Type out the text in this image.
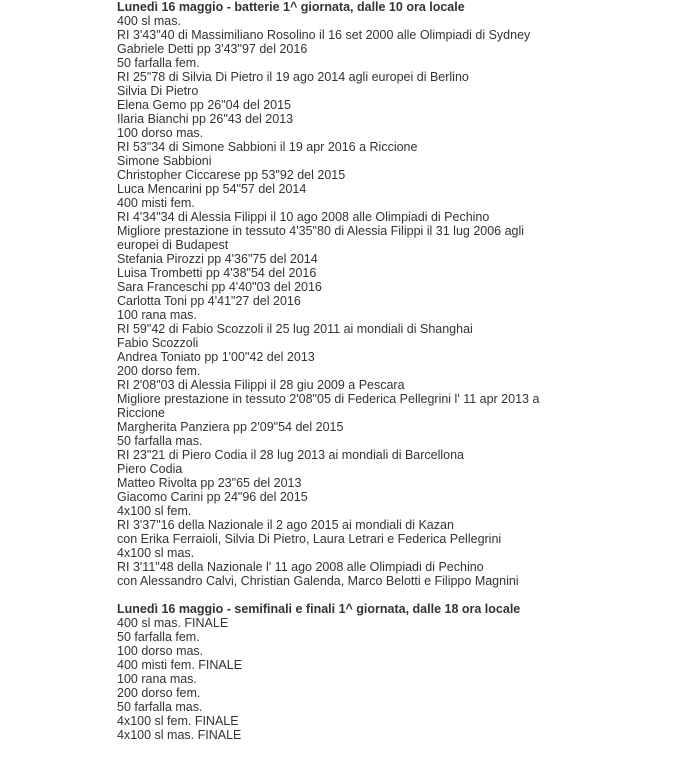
Lunedì 16 maggio - batterie 1^ giornata, dalle 10 ora locale
400 sl mas.
RI 3'43"40 di Massimiliano Rosolino il 16 set 2000 alle Olimpiadi di Sydney
Gabriele Detti pp 3'43"97 del 2016
50 farfalla fem.
RI 25"78 di Silvia Di Pietro il 19 ago 2014 agli europei di Berlino
Silvia Di Pietro
Elena Gemo pp 26"04 del 2015
Ilaria Bianchi pp 26"43 del 2013
100 dorso mas.
RI 53"34 di Simone Sabbioni il 19 apr 2016 a Riccione
Simone Sabbioni
Christopher Ciccarese pp 53"92 del 2015
Luca Mencarini pp 54"57 del 2014
400 misti fem.
RI 4'34"34 di Alessia Filippi il 10 ago 2008 alle Olimpiadi di Pechino
Migliore prestazione in tessuto 4'35"80 di Alessia Filippi il 31 lug 2006 agli europei di Budapest
Stefania Pirozzi pp 4'36"75 del 2014
Luisa Trombetti pp 4'38"54 del 2016
Sara Franceschi pp 4'40"03 del 2016
Carlotta Toni pp 4'41"27 del 2016
100 rana mas.
RI 59"42 di Fabio Scozzoli il 25 lug 2011 ai mondiali di Shanghai
Fabio Scozzoli
Andrea Toniato pp 1'00"42 del 2013
200 dorso fem.
RI 2'08"03 di Alessia Filippi il 28 giu 2009 a Pescara
Migliore prestazione in tessuto 2'08"05 di Federica Pellegrini l' 11 apr 2013 a Riccione
Margherita Panziera pp 2'09"54 del 2015
50 farfalla mas.
RI 23"21 di Piero Codia il 28 lug 2013 ai mondiali di Barcellona
Piero Codia
Matteo Rivolta pp 23"65 del 2013
Giacomo Carini pp 24"96 del 2015
4x100 sl fem.
RI 3'37"16 della Nazionale il 2 ago 2015 ai mondiali di Kazan
con Erika Ferraioli, Silvia Di Pietro, Laura Letrari e Federica Pellegrini
4x100 sl mas.
RI 3'11"48 della Nazionale l' 11 ago 2008 alle Olimpiadi di Pechino
con Alessandro Calvi, Christian Galenda, Marco Belotti e Filippo Magnini
Lunedì 16 maggio - semifinali e finali 1^ giornata, dalle 18 ora locale
400 sl mas. FINALE
50 farfalla fem.
100 dorso mas.
400 misti fem. FINALE
100 rana mas.
200 dorso fem.
50 farfalla mas.
4x100 sl fem. FINALE
4x100 sl mas. FINALE
